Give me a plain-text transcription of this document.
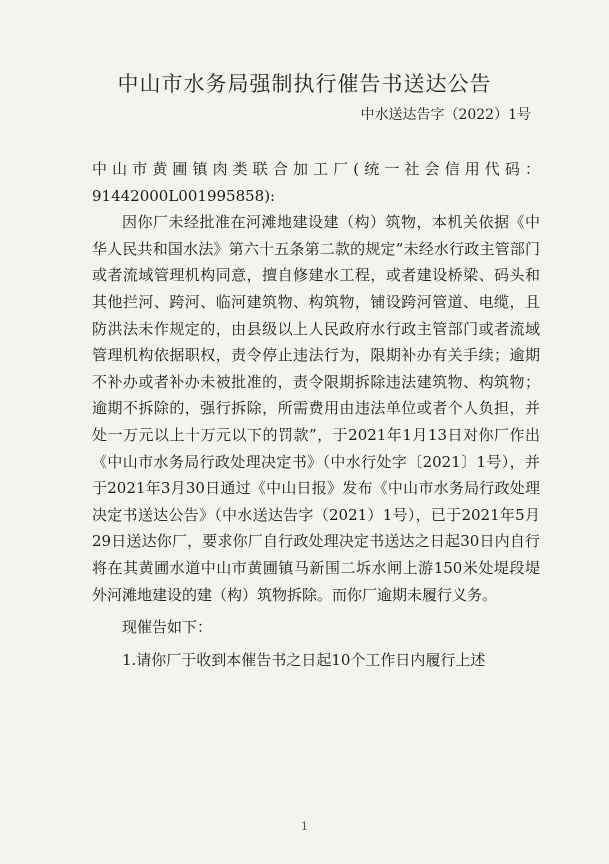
中山市水务局强制执行催告书送达公告
中水送达告字（2022）1号

中山市黄圃镇肉类联合加工厂(统一社会信用代码：91442000L001995858):

因你厂未经批准在河滩地建设建（构）筑物，本机关依据《中华人民共和国水法》第六十五条第二款的规定“未经水行政主管部门或者流域管理机构同意，擅自修建水工程，或者建设桥梁、码头和其他拦河、跨河、临河建筑物、构筑物，铺设跨河管道、电缆，且防洪法未作规定的，由县级以上人民政府水行政主管部门或者流域管理机构依据职权，责令停止违法行为，限期补办有关手续；逾期不补办或者补办未被批准的，责令限期拆除违法建筑物、构筑物；逾期不拆除的，强行拆除，所需费用由违法单位或者个人负担，并处一万元以上十万元以下的罚款”，于2021年1月13日对你厂作出《中山市水务局行政处理决定书》（中水行处字〔2021〕1号），并于2021年3月30日通过《中山日报》发布《中山市水务局行政处理决定书送达公告》（中水送达告字（2021）1号），已于2021年5月29日送达你厂，要求你厂自行政处理决定书送达之日起30日内自行将在其黄圃水道中山市黄圃镇马新围二坼水闸上游150米处堤段堤外河滩地建设的建（构）筑物拆除。而你厂逾期未履行义务。

现催告如下：

1.请你厂于收到本催告书之日起10个工作日内履行上述

1
